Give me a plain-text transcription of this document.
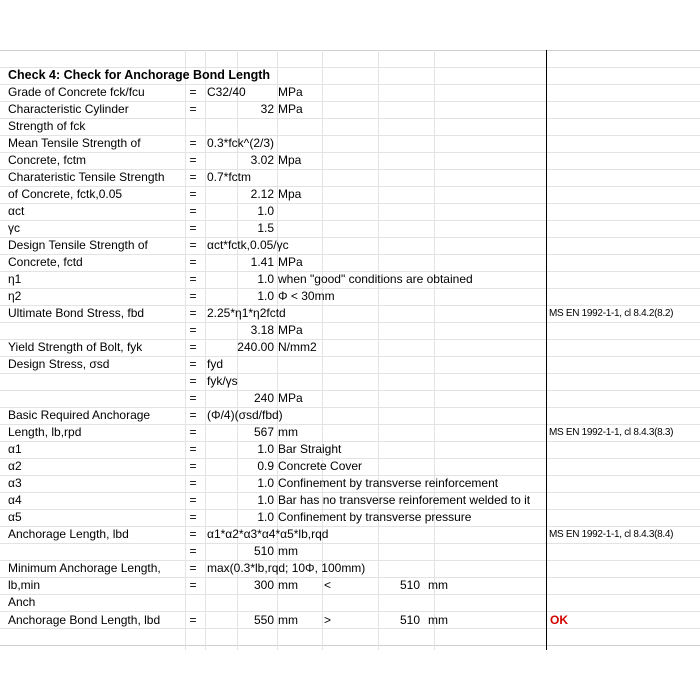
Check 4: Check for Anchorage Bond Length
Grade of Concrete fck/fcu	= C32/40	MPa
Characteristic Cylinder	=	32 MPa
Strength of fck
Mean Tensile Strength of	= 0.3*fck^(2/3)
Concrete, fctm	=	3.02 Mpa
Charateristic Tensile Strength = 0.7*fctm
of Concrete, fctk,0.05	=	2.12 Mpa
αct	=	1.0
γc	=	1.5
Design Tensile Strength of	= αct*fctk,0.05/γc
Concrete, fctd	=	1.41 MPa
η1	=	1.0 when "good" conditions are obtained
η2	=	1.0 Φ < 30mm
Ultimate Bond Stress, fbd	= 2.25*η1*η2fctd	MS EN 1992-1-1, cl 8.4.2(8.2)
=	3.18 MPa
Yield Strength of Bolt, fyk	=	240.00 N/mm2
Design Stress, σsd	= fyd
= fyk/γs
=	240 MPa
Basic Required Anchorage	= (Φ/4)(σsd/fbd)
Length, lb,rpd	=	567 mm	MS EN 1992-1-1, cl 8.4.3(8.3)
α1	=	1.0 Bar Straight
α2	=	0.9 Concrete Cover
α3	=	1.0 Confinement by transverse reinforcement
α4	=	1.0 Bar has no transverse reinforement welded to it
α5	=	1.0 Confinement by transverse pressure
Anchorage Length, lbd	= α1*α2*α3*α4*α5*lb,rqd	MS EN 1992-1-1, cl 8.4.3(8.4)
=	510 mm
Minimum Anchorage Length, = max(0.3*lb,rqd; 10Φ, 100mm)
lb,min	=	300 mm <	510 mm
Anch
Anchorage Bond Length, lbd =	550 mm >	510 mm	OK
